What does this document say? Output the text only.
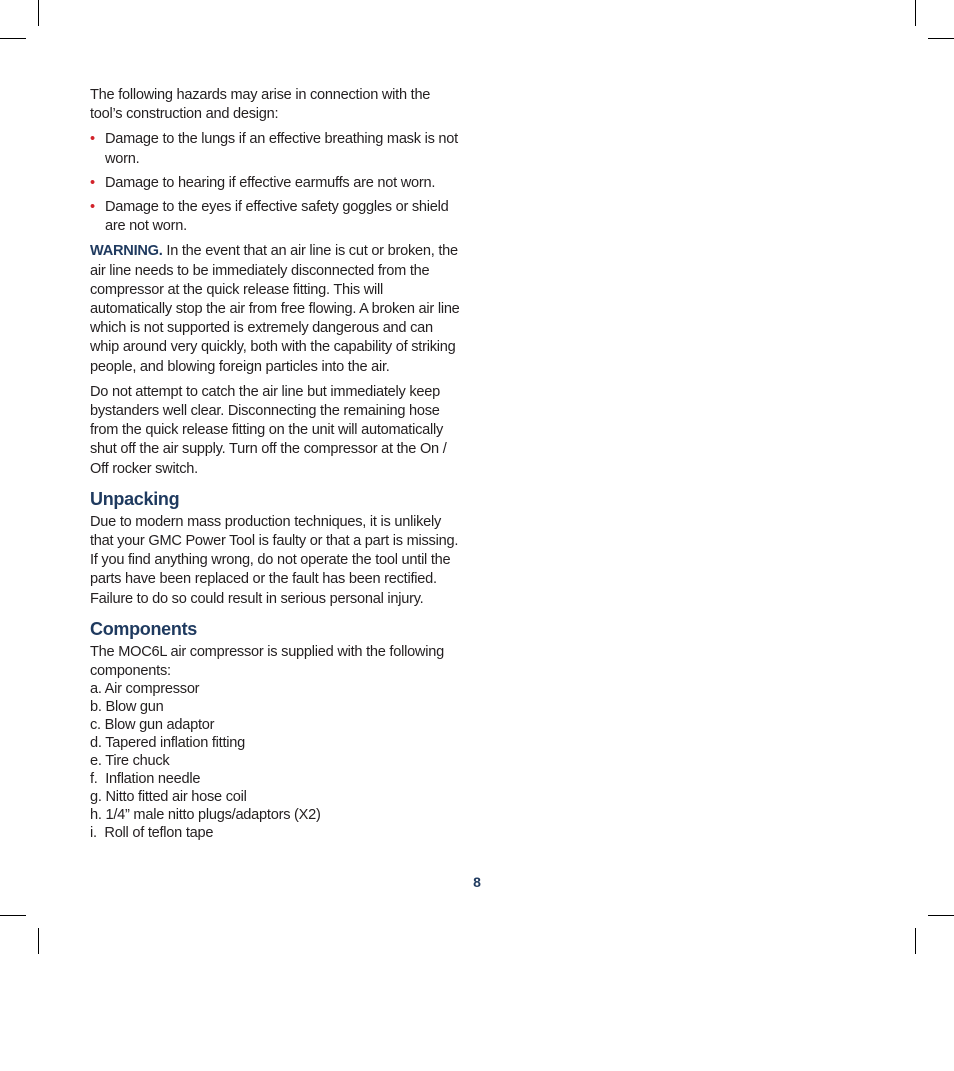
The following hazards may arise in connection with the tool’s construction and design:

• Damage to the lungs if an effective breathing mask is not worn.
• Damage to hearing if effective earmuffs are not worn.
• Damage to the eyes if effective safety goggles or shield are not worn.

WARNING. In the event that an air line is cut or broken, the air line needs to be immediately disconnected from the compressor at the quick release fitting. This will automatically stop the air from free flowing. A broken air line which is not supported is extremely dangerous and can whip around very quickly, both with the capability of striking people, and blowing foreign particles into the air.

Do not attempt to catch the air line but immediately keep bystanders well clear. Disconnecting the remaining hose from the quick release fitting on the unit will automatically shut off the air supply. Turn off the compressor at the On / Off rocker switch.

Unpacking

Due to modern mass production techniques, it is unlikely that your GMC Power Tool is faulty or that a part is missing. If you find anything wrong, do not operate the tool until the parts have been replaced or the fault has been rectified. Failure to do so could result in serious personal injury.

Components

The MOC6L air compressor is supplied with the following components:

a. Air compressor
b. Blow gun
c. Blow gun adaptor
d. Tapered inflation fitting
e. Tire chuck
f.  Inflation needle
g. Nitto fitted air hose coil
h. 1/4” male nitto plugs/adaptors (X2)
i.  Roll of teflon tape
8
